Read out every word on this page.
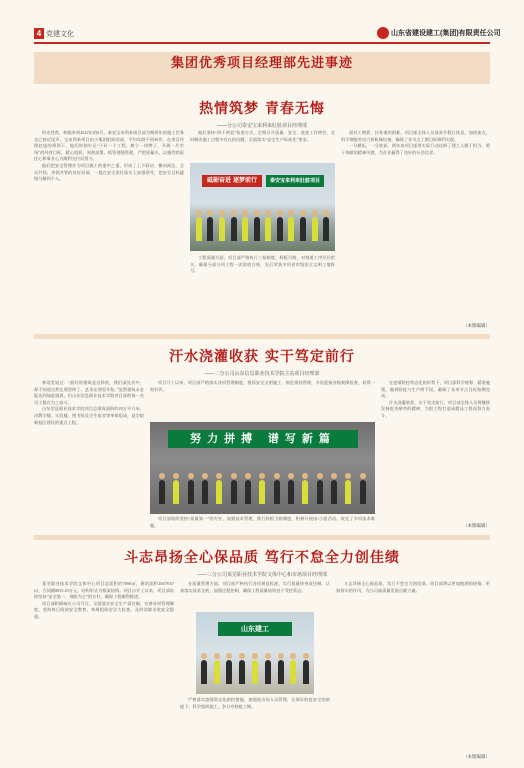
4 党建文化	山东省建设建工(集团)有限责任公司
集团优秀项目经理部先进事迹
热情筑梦 青春无悔
——分公司泰安宝来利来肚脏项目经理部

时光荏苒，转眼来到2022年的6月，泰安宝来利来周目部为期两年的施工任务也已接近尾声。宝来利来项目由小集团组织的部，平均年龄不到30岁，在项目经理赵旭的带领下，他们时刻牢记“干好一个工程，树立一块牌子，开辟一片市场”的经营目标，精心组织，周密部署，抓管理强管理，严把质量关，以强烈的责任心和事业心为顺利交付而努力。

他们把安全管理作为项目施工的重中之重，形成了上下联动、横向到边、全员共抓、齐抓共管的良好局面，一提在安全责任落实上加强领导，把安全目标逐级分解到个人。	砥砺奋进 逐梦前行	泰安宝来利来肚脏项目

他们坚持“四不两直”检查方式，定期召开质量、安全、进度工作例会，及时解决施工过程中存在的问题，全面落实“安全生产标准化”要求。

工程质量方面，项目部严格执行三检制度，样板引路，对每道工序层层把关，确保分部分项工程一次验收合格，先后荣获多项省市级安全文明工地称号。

面对工期紧、任务重的困难，项目部全体人员放弃节假日休息，加班加点，科学调配劳动力和机械设备，确保了各节点工期目标顺利实现。

一分耕耘，一分收获。两年来项目部用实际行动诠释了建工人敢于担当、勇于奉献的精神风貌，为企业赢得了良好的社会信誉。

（本版编辑）
汗水浇灌收获 实干笃定前行
——二分公司山东信息职业技术学院主站项目经理部

林语堂说过：“最好的建筑是这样的，我们深处其中，却不知道自然在那里终了，艺术在那里开始。”虽然建筑未必能达到如此境界，但山东信息职业技术学院项目部的每一名员工都在为之奋斗。

山东信息职业技术学院项目总建筑面积约20万平方米，由教学楼、实验楼、图书馆及学生宿舍等单体组成，是学院新校区建设的重点工程。

项目开工以来，项目部严格落实各项管理制度，狠抓安全文明施工，规范现场管理，多次迎接各级观摩检查，获得一致好评。

努力拼搏 谱写新篇

项目部始终坚持“质量第一”的方针，加强技术管理，推行样板引路制度，积极开展QC小组活动，攻克了多项技术难题。

在疫情防控常态化的形势下，项目部科学统筹、精准施策，做到防疫与生产两不误，确保了各项节点目标按期完成。

汗水浇灌收获，实干笃定前行。项目部全体人员将继续发扬吃苦耐劳的精神，为把工程打造成精品工程而努力奋斗。

（本版编辑）
斗志昂扬全心保品质 笃行不怠全力创佳绩
——三分公司莱芜职业技术学院文体中心和市场项目经理部

莱芜职业技术学院文体中心项目总面积约7000㎡，建筑面积20478.67㎡，合同额8055.29万元，结构形式为框架结构。项目自开工以来，项目部始终坚持“安全第一、预防为主”的方针，确保工程顺利推进。

项目部积极响应公司号召，全面落实安全生产责任制，完善各项管理制度，坚持每日班前安全教育，每周组织安全大检查，及时消除各类安全隐患。

在质量管理方面，项目部严格执行各项规范标准，实行质量终身责任制，认真落实技术交底，加强过程控制，确保工程质量始终处于受控状态。

山东建工

严格落实疫情常态化防控措施，加强进出场人员管理，在保证防疫安全的前提下，科学组织施工，争分夺秒抢工期。

斗志昂扬全心保品质，笃行不怠全力创佳绩。项目部将以更加饱满的热情、更加务实的作风，为公司高质量发展贡献力量。

（本版编辑）
